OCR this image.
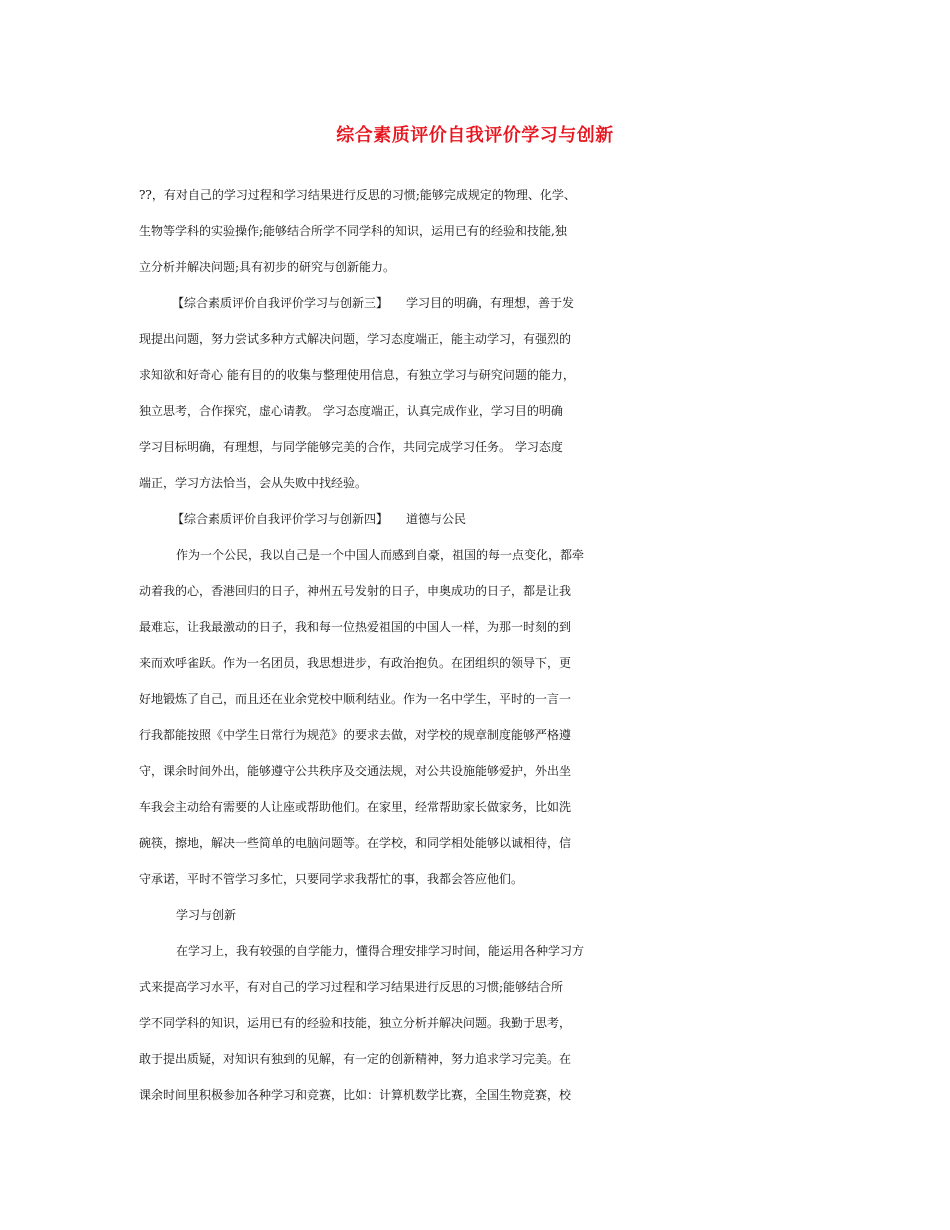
综合素质评价自我评价学习与创新
??，有对自己的学习过程和学习结果进行反思的习惯;能够完成规定的物理、化学、
生物等学科的实验操作;能够结合所学不同学科的知识，运用已有的经验和技能,独
立分析并解决问题;具有初步的研究与创新能力。
【综合素质评价自我评价学习与创新三】　　学习目的明确，有理想，善于发
现提出问题，努力尝试多种方式解决问题，学习态度端正，能主动学习，有强烈的
求知欲和好奇心 能有目的的收集与整理使用信息，有独立学习与研究问题的能力，
独立思考，合作探究，虚心请教。 学习态度端正，认真完成作业，学习目的明确
学习目标明确，有理想，与同学能够完美的合作，共同完成学习任务。 学习态度
端正，学习方法恰当，会从失败中找经验。
【综合素质评价自我评价学习与创新四】　　道德与公民
作为一个公民，我以自己是一个中国人而感到自豪，祖国的每一点变化，都牵
动着我的心，香港回归的日子，神州五号发射的日子，申奥成功的日子，都是让我
最难忘，让我最激动的日子，我和每一位热爱祖国的中国人一样，为那一时刻的到
来而欢呼雀跃。作为一名团员，我思想进步，有政治抱负。在团组织的领导下，更
好地锻炼了自己，而且还在业余党校中顺利结业。作为一名中学生，平时的一言一
行我都能按照《中学生日常行为规范》的要求去做，对学校的规章制度能够严格遵
守，课余时间外出，能够遵守公共秩序及交通法规，对公共设施能够爱护，外出坐
车我会主动给有需要的人让座或帮助他们。在家里，经常帮助家长做家务，比如洗
碗筷，擦地，解决一些简单的电脑问题等。在学校，和同学相处能够以诚相待，信
守承诺，平时不管学习多忙，只要同学求我帮忙的事，我都会答应他们。
学习与创新
在学习上，我有较强的自学能力，懂得合理安排学习时间，能运用各种学习方
式来提高学习水平，有对自己的学习过程和学习结果进行反思的习惯;能够结合所
学不同学科的知识，运用已有的经验和技能，独立分析并解决问题。我勤于思考，
敢于提出质疑，对知识有独到的见解，有一定的创新精神，努力追求学习完美。在
课余时间里积极参加各种学习和竞赛，比如：计算机数学比赛，全国生物竞赛，校
